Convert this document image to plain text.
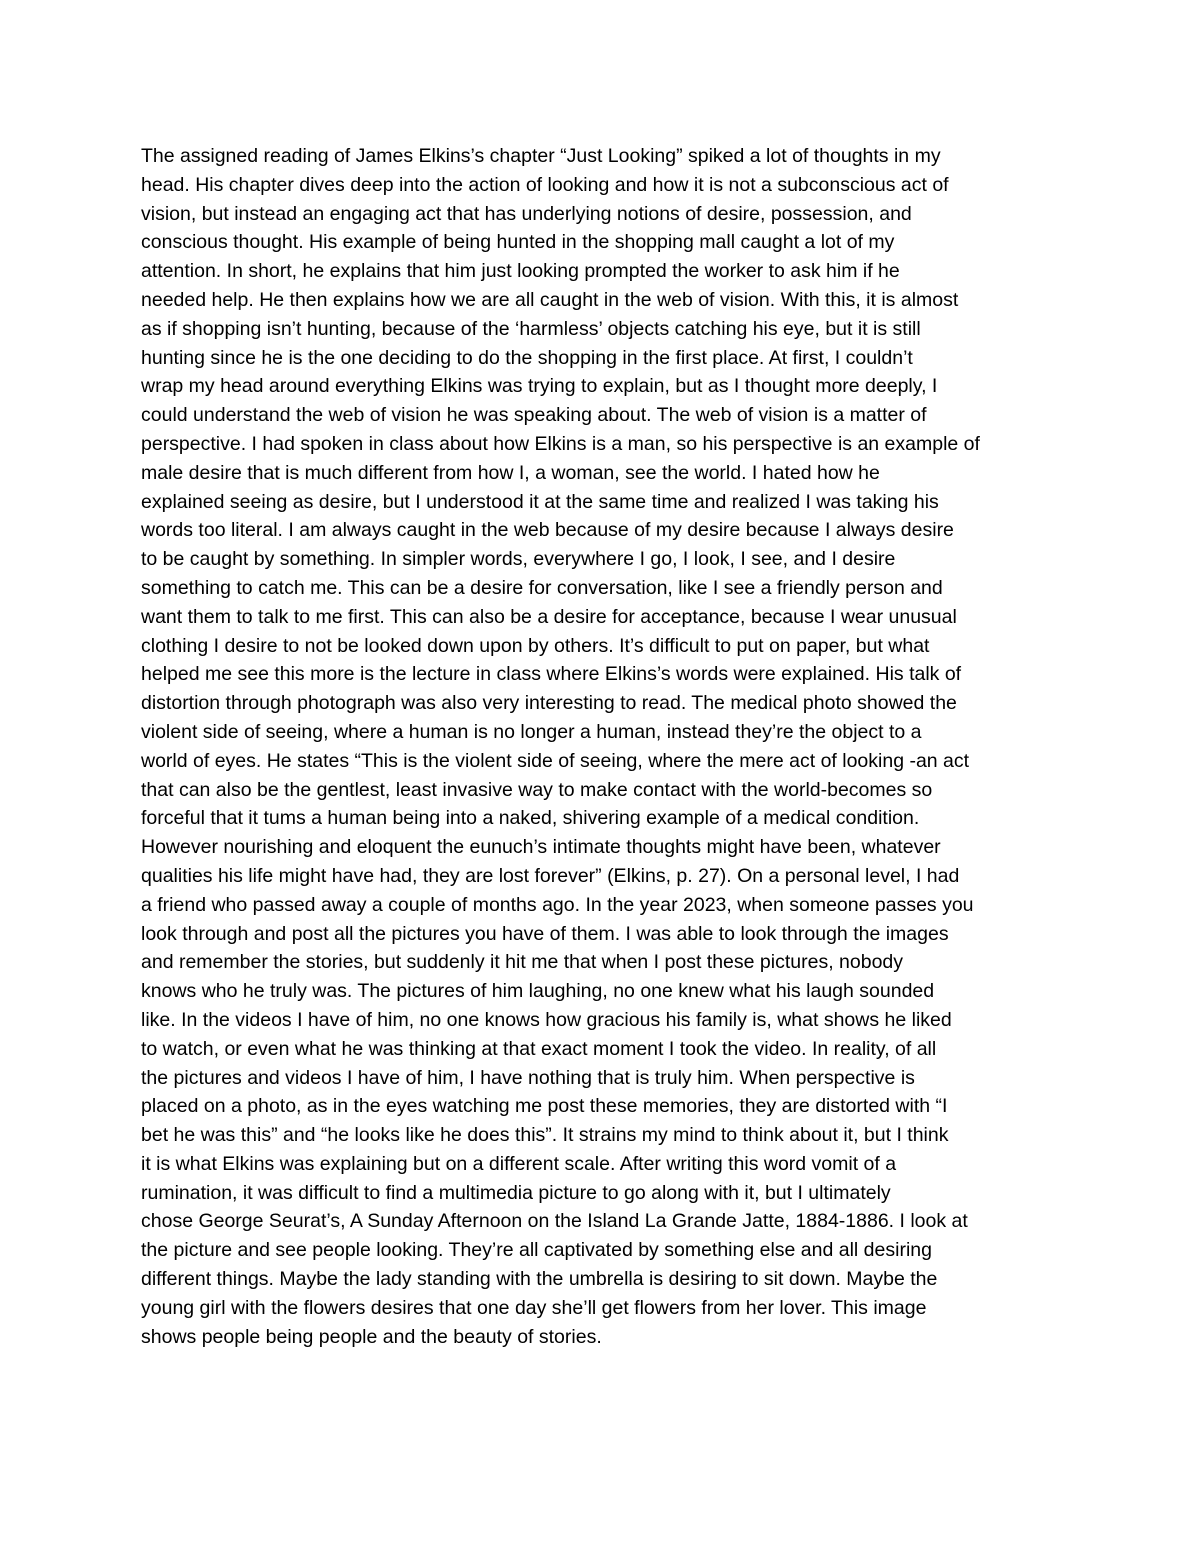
The assigned reading of James Elkins’s chapter “Just Looking” spiked a lot of thoughts in my
head. His chapter dives deep into the action of looking and how it is not a subconscious act of
vision, but instead an engaging act that has underlying notions of desire, possession, and
conscious thought. His example of being hunted in the shopping mall caught a lot of my
attention. In short, he explains that him just looking prompted the worker to ask him if he
needed help. He then explains how we are all caught in the web of vision. With this, it is almost
as if shopping isn’t hunting, because of the ‘harmless’ objects catching his eye, but it is still
hunting since he is the one deciding to do the shopping in the first place. At first, I couldn’t
wrap my head around everything Elkins was trying to explain, but as I thought more deeply, I
could understand the web of vision he was speaking about. The web of vision is a matter of
perspective. I had spoken in class about how Elkins is a man, so his perspective is an example of
male desire that is much different from how I, a woman, see the world. I hated how he
explained seeing as desire, but I understood it at the same time and realized I was taking his
words too literal. I am always caught in the web because of my desire because I always desire
to be caught by something. In simpler words, everywhere I go, I look, I see, and I desire
something to catch me. This can be a desire for conversation, like I see a friendly person and
want them to talk to me first. This can also be a desire for acceptance, because I wear unusual
clothing I desire to not be looked down upon by others. It’s difficult to put on paper, but what
helped me see this more is the lecture in class where Elkins’s words were explained. His talk of
distortion through photograph was also very interesting to read. The medical photo showed the
violent side of seeing, where a human is no longer a human, instead they’re the object to a
world of eyes. He states “This is the violent side of seeing, where the mere act of looking -an act
that can also be the gentlest, least invasive way to make contact with the world-becomes so
forceful that it tums a human being into a naked, shivering example of a medical condition.
However nourishing and eloquent the eunuch’s intimate thoughts might have been, whatever
qualities his life might have had, they are lost forever” (Elkins, p. 27). On a personal level, I had
a friend who passed away a couple of months ago. In the year 2023, when someone passes you
look through and post all the pictures you have of them. I was able to look through the images
and remember the stories, but suddenly it hit me that when I post these pictures, nobody
knows who he truly was. The pictures of him laughing, no one knew what his laugh sounded
like. In the videos I have of him, no one knows how gracious his family is, what shows he liked
to watch, or even what he was thinking at that exact moment I took the video. In reality, of all
the pictures and videos I have of him, I have nothing that is truly him. When perspective is
placed on a photo, as in the eyes watching me post these memories, they are distorted with “I
bet he was this” and “he looks like he does this”. It strains my mind to think about it, but I think
it is what Elkins was explaining but on a different scale. After writing this word vomit of a
rumination, it was difficult to find a multimedia picture to go along with it, but I ultimately
chose George Seurat’s, A Sunday Afternoon on the Island La Grande Jatte, 1884-1886. I look at
the picture and see people looking. They’re all captivated by something else and all desiring
different things. Maybe the lady standing with the umbrella is desiring to sit down. Maybe the
young girl with the flowers desires that one day she’ll get flowers from her lover. This image
shows people being people and the beauty of stories.
